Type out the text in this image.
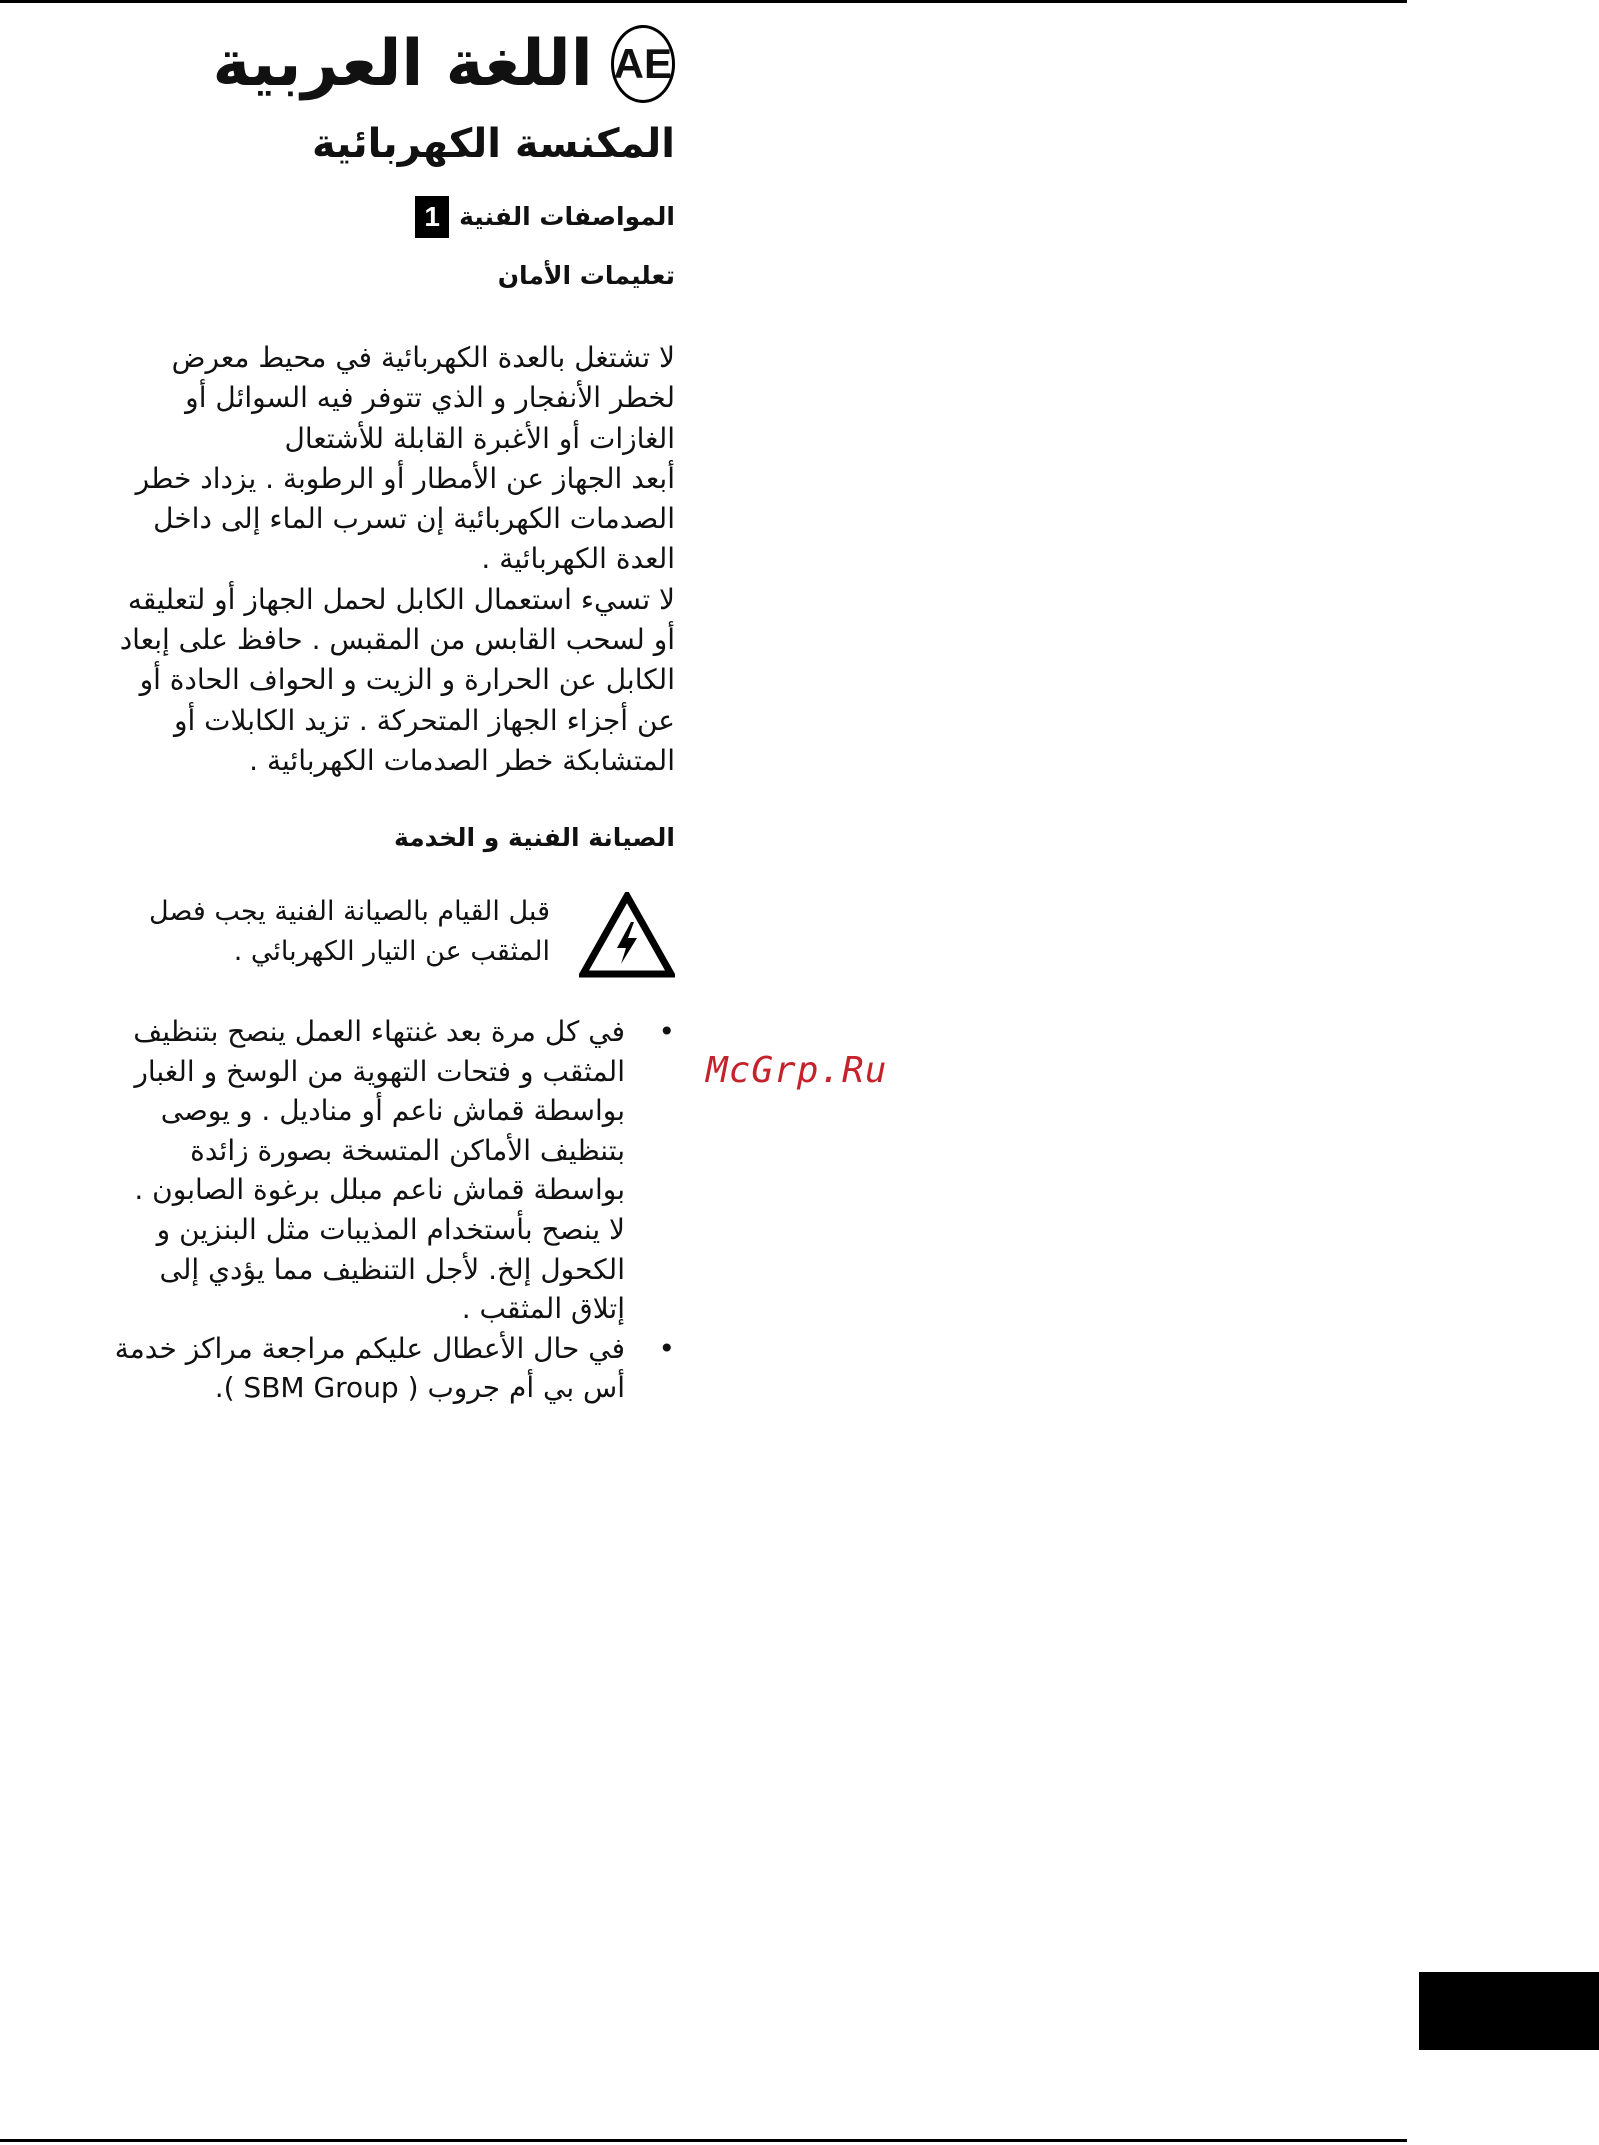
اللغة العربية AE
المكنسة الكهربائية
المواصفات الفنية
1
تعليمات الأمان

لا تشتغل بالعدة الكهربائية في محيط معرض لخطر الأنفجار و الذي تتوفر فيه السوائل أو الغازات أو الأغبرة القابلة للأشتعال

أبعد الجهاز عن الأمطار أو الرطوبة . يزداد خطر الصدمات الكهربائية إن تسرب الماء إلى داخل العدة الكهربائية .

لا تسيء استعمال الكابل لحمل الجهاز أو لتعليقه أو لسحب القابس من المقبس . حافظ على إبعاد الكابل عن الحرارة و الزيت و الحواف الحادة أو عن أجزاء الجهاز المتحركة . تزيد الكابلات أو المتشابكة خطر الصدمات الكهربائية .

الصيانة الفنية و الخدمة
قبل القيام بالصيانة الفنية يجب فصل المثقب عن التيار الكهربائي .
• في كل مرة بعد غنتهاء العمل ينصح بتنظيف المثقب و فتحات التهوية من الوسخ و الغبار بواسطة قماش ناعم أو مناديل . و يوصى بتنظيف الأماكن المتسخة بصورة زائدة بواسطة قماش ناعم مبلل برغوة الصابون . لا ينصح بأستخدام المذيبات مثل البنزين و الكحول إلخ. لأجل التنظيف مما يؤدي إلى إتلاق المثقب .
• في حال الأعطال عليكم مراجعة مراكز خدمة أس بي أم جروب ( SBM Group ).
McGrp.Ru
